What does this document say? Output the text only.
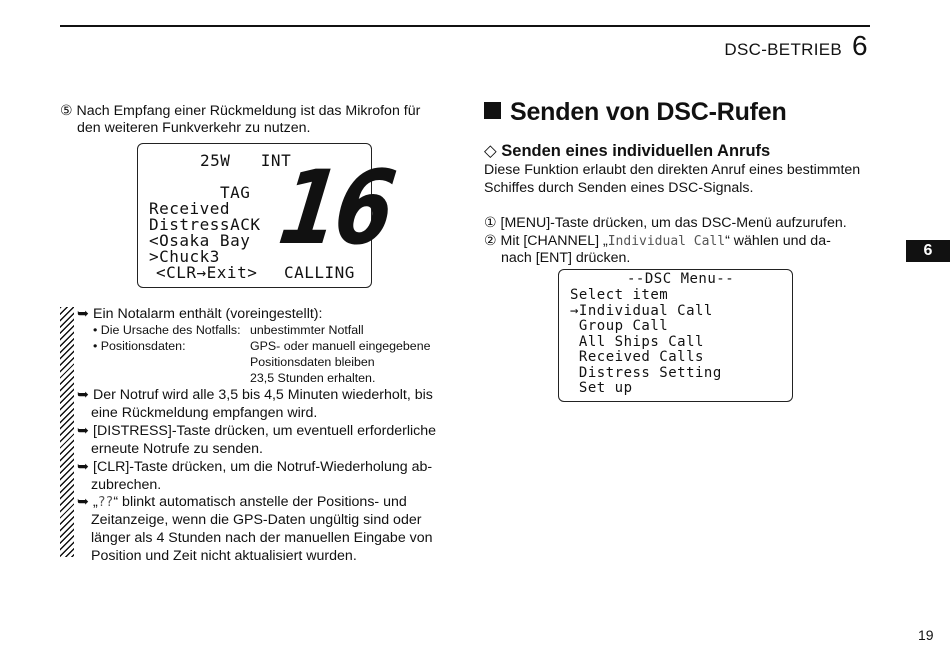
DSC-BETRIEB 6
6
19
⑤ Nach Empfang einer Rückmeldung ist das Mikrofon für
den weiteren Funkverkehr zu nutzen.
25W   INT
TAG
Received
DistressACK
<Osaka Bay
>Chuck3
<CLR→Exit>
16
CALLING
➥ Ein Notalarm enthält (voreingestellt):
• Die Ursache des Notfalls: unbestimmter Notfall
• Positionsdaten:	GPS- oder manuell eingegebene
Positionsdaten bleiben
23,5 Stunden erhalten.
➥ Der Notruf wird alle 3,5 bis 4,5 Minuten wiederholt, bis
eine Rückmeldung empfangen wird.
➥ [DISTRESS]-Taste drücken, um eventuell erforderliche
erneute Notrufe zu senden.
➥ [CLR]-Taste drücken, um die Notruf-Wiederholung ab-
zubrechen.
➥ „??“ blinkt automatisch anstelle der Positions- und
Zeitanzeige, wenn die GPS-Daten ungültig sind oder
länger als 4 Stunden nach der manuellen Eingabe von
Position und Zeit nicht aktualisiert wurden.
Senden von DSC-Rufen
◇ Senden eines individuellen Anrufs
Diese Funktion erlaubt den direkten Anruf eines bestimmten
Schiffes durch Senden eines DSC-Signals.
① [MENU]-Taste drücken, um das DSC-Menü aufzurufen.
② Mit [CHANNEL] „Individual Call“ wählen und da-
nach [ENT] drücken.
--DSC Menu--
Select item
→Individual Call
Group Call
All Ships Call
Received Calls
Distress Setting
Set up
